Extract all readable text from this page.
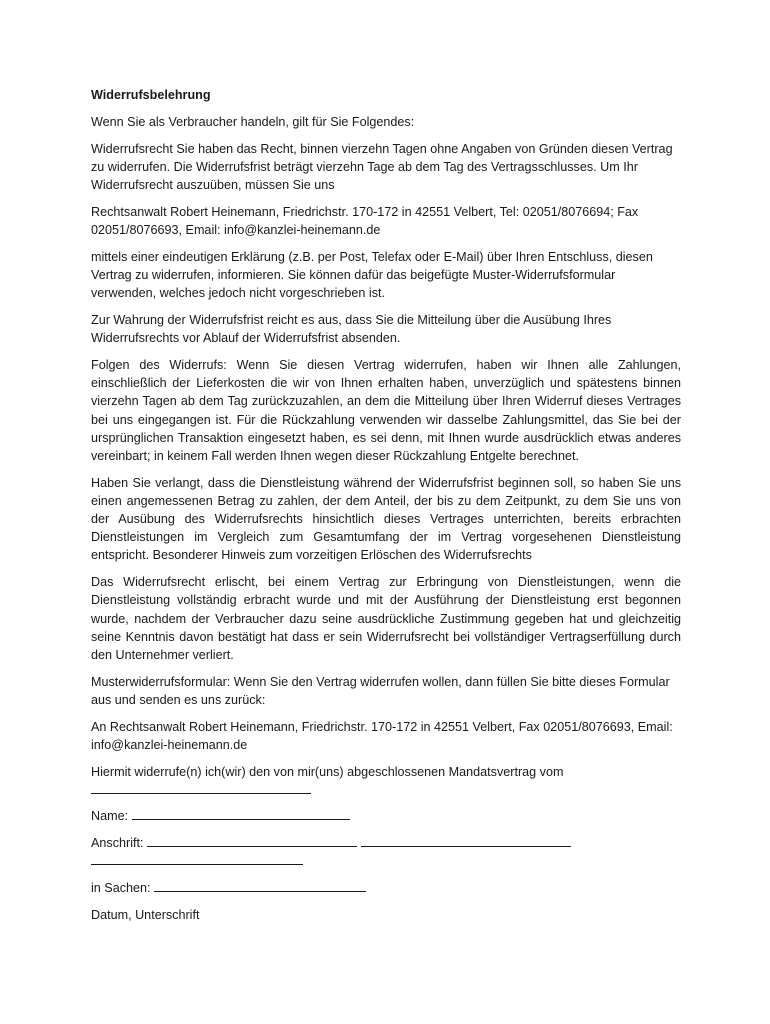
Widerrufsbelehrung

Wenn Sie als Verbraucher handeln, gilt für Sie Folgendes:

Widerrufsrecht Sie haben das Recht, binnen vierzehn Tagen ohne Angaben von Gründen diesen Vertrag zu widerrufen. Die Widerrufsfrist beträgt vierzehn Tage ab dem Tag des Vertragsschlusses. Um Ihr Widerrufsrecht auszuüben, müssen Sie uns

Rechtsanwalt Robert Heinemann, Friedrichstr. 170-172 in 42551 Velbert, Tel: 02051/8076694; Fax 02051/8076693, Email: info@kanzlei-heinemann.de

mittels einer eindeutigen Erklärung (z.B. per Post, Telefax oder E-Mail) über Ihren Entschluss, diesen Vertrag zu widerrufen, informieren. Sie können dafür das beigefügte Muster-Widerrufsformular verwenden, welches jedoch nicht vorgeschrieben ist.

Zur Wahrung der Widerrufsfrist reicht es aus, dass Sie die Mitteilung über die Ausübung Ihres Widerrufsrechts vor Ablauf der Widerrufsfrist absenden.

Folgen des Widerrufs: Wenn Sie diesen Vertrag widerrufen, haben wir Ihnen alle Zahlungen, einschließlich der Lieferkosten die wir von Ihnen erhalten haben, unverzüglich und spätestens binnen vierzehn Tagen ab dem Tag zurückzuzahlen, an dem die Mitteilung über Ihren Widerruf dieses Vertrages bei uns eingegangen ist. Für die Rückzahlung verwenden wir dasselbe Zahlungsmittel, das Sie bei der ursprünglichen Transaktion eingesetzt haben, es sei denn, mit Ihnen wurde ausdrücklich etwas anderes vereinbart; in keinem Fall werden Ihnen wegen dieser Rückzahlung Entgelte berechnet.

Haben Sie verlangt, dass die Dienstleistung während der Widerrufsfrist beginnen soll, so haben Sie uns einen angemessenen Betrag zu zahlen, der dem Anteil, der bis zu dem Zeitpunkt, zu dem Sie uns von der Ausübung des Widerrufsrechts hinsichtlich dieses Vertrages unterrichten, bereits erbrachten Dienstleistungen im Vergleich zum Gesamtumfang der im Vertrag vorgesehenen Dienstleistung entspricht. Besonderer Hinweis zum vorzeitigen Erlöschen des Widerrufsrechts

Das Widerrufsrecht erlischt, bei einem Vertrag zur Erbringung von Dienstleistungen, wenn die Dienstleistung vollständig erbracht wurde und mit der Ausführung der Dienstleistung erst begonnen wurde, nachdem der Verbraucher dazu seine ausdrückliche Zustimmung gegeben hat und gleichzeitig seine Kenntnis davon bestätigt hat dass er sein Widerrufsrecht bei vollständiger Vertragserfüllung durch den Unternehmer verliert.

Musterwiderrufsformular: Wenn Sie den Vertrag widerrufen wollen, dann füllen Sie bitte dieses Formular aus und senden es uns zurück:

An Rechtsanwalt Robert Heinemann, Friedrichstr. 170-172 in 42551 Velbert, Fax 02051/8076693, Email: info@kanzlei-heinemann.de

Hiermit widerrufe(n) ich(wir) den von mir(uns) abgeschlossenen Mandatsvertrag vom

Name:

Anschrift:

in Sachen:

Datum, Unterschrift
